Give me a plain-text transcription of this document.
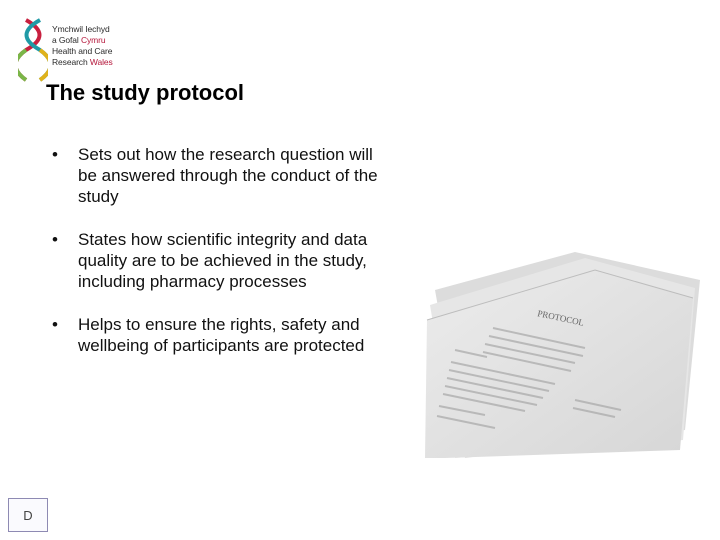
Ymchwil Iechyd
a Gofal Cymru
Health and Care
Research Wales
The study protocol
• Sets out how the research question will be answered through the conduct of the study
• States how scientific integrity and data quality are to be achieved in the study, including pharmacy processes
• Helps to ensure the rights, safety and wellbeing of participants are protected
PROTOCOL
D
